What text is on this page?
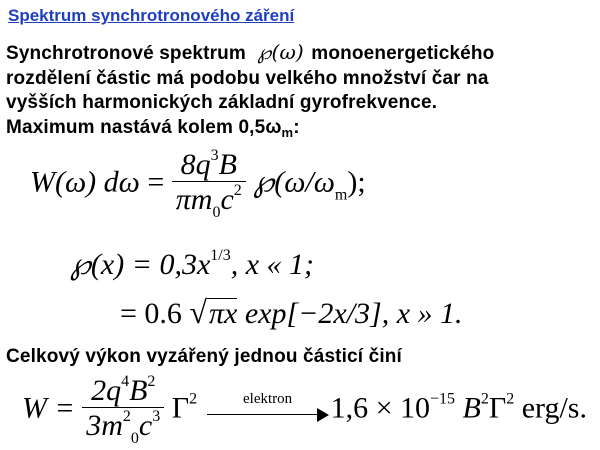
Spektrum synchrotronového záření
Synchrotronové spektrum ℘(ω) monoenergetického
rozdělení částic má podobu velkého množství čar na
vyšších harmonických základní gyrofrekvence.
Maximum nastává kolem $0,5\omega_m$:
W(ω) $d\omega = \frac{8q^3B}{\pi m_0c^2}$ $℘(\omega/\omega_m)$;
℘(x) = $0,3x^{1/3}$, x « 1;
= 0.6 √πx exp[−2x/3], x » 1.
Celkový výkon vyzářený jednou částicí činí
$W = \frac{2q^4B^2}{3m^2_0c^3} \Gamma^2$	elektron	$1,6 \times 10^{-15}$ $B^2\Gamma^2$ erg/s.
